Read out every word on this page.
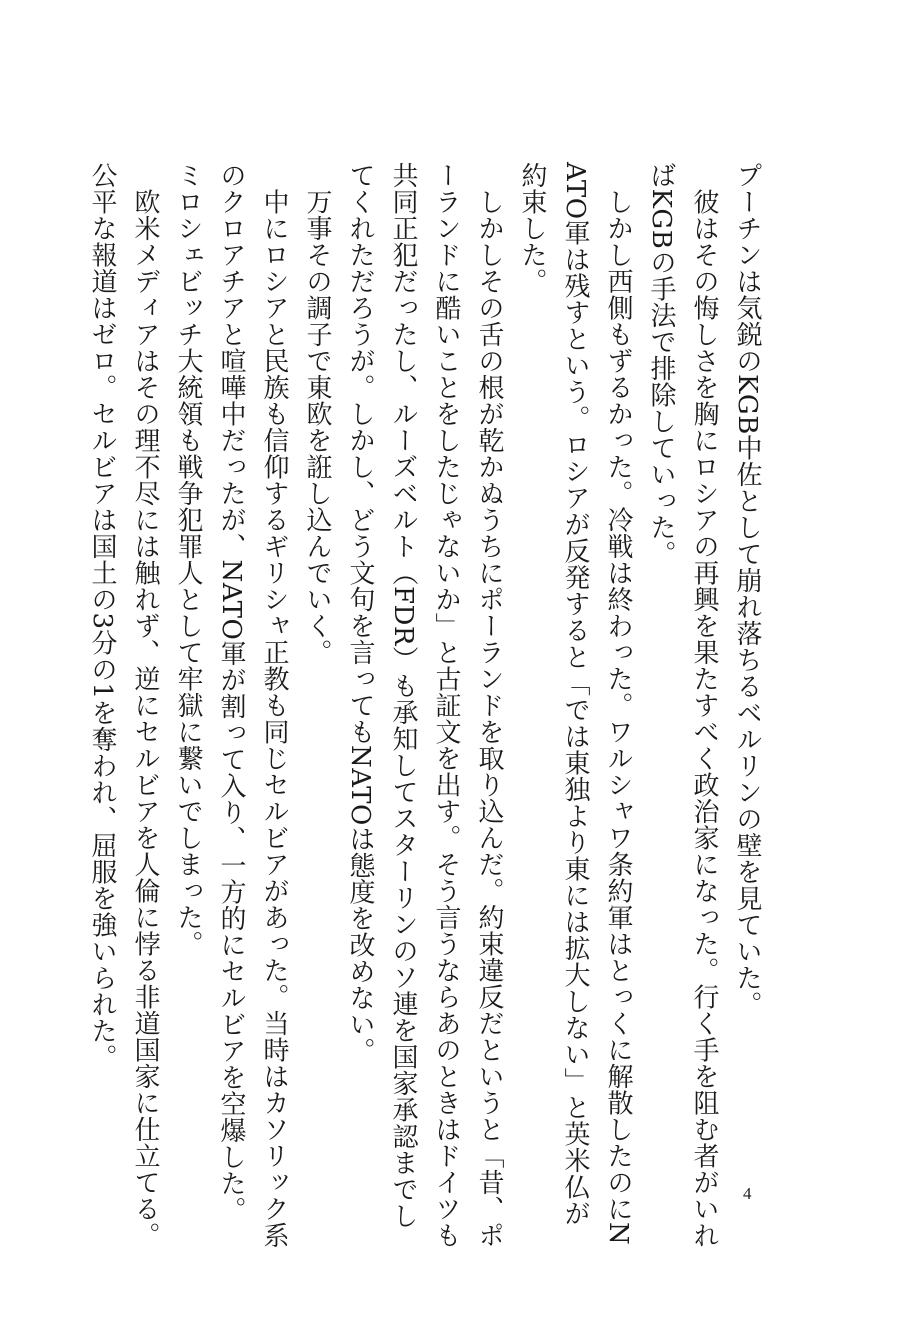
プーチンは気鋭のKGB中佐として崩れ落ちるベルリンの壁を見ていた。
　彼はその悔しさを胸にロシアの再興を果たすべく政治家になった。行く手を阻む者がいれ
ばKGBの手法で排除していった。
　しかし西側もずるかった。冷戦は終わった。ワルシャワ条約軍はとっくに解散したのにN
ATO軍は残すという。ロシアが反発すると「では東独より東には拡大しない」と英米仏が
約束した。
　しかしその舌の根が乾かぬうちにポーランドを取り込んだ。約束違反だというと「昔、ポ
ーランドに酷いことをしたじゃないか」と古証文を出す。そう言うならあのときはドイツも
共同正犯だったし、ルーズベルト（FDR）も承知してスターリンのソ連を国家承認までし
てくれただろうが。しかし、どう文句を言ってもNATOは態度を改めない。
　万事その調子で東欧を誑し込んでいく。
　中にロシアと民族も信仰するギリシャ正教も同じセルビアがあった。当時はカソリック系
のクロアチアと喧嘩中だったが、NATO軍が割って入り、一方的にセルビアを空爆した。
ミロシェビッチ大統領も戦争犯罪人として牢獄に繋いでしまった。
　欧米メディアはその理不尽には触れず、逆にセルビアを人倫に悖る非道国家に仕立てる。
公平な報道はゼロ。セルビアは国土の3分の1を奪われ、屈服を強いられた。
4
